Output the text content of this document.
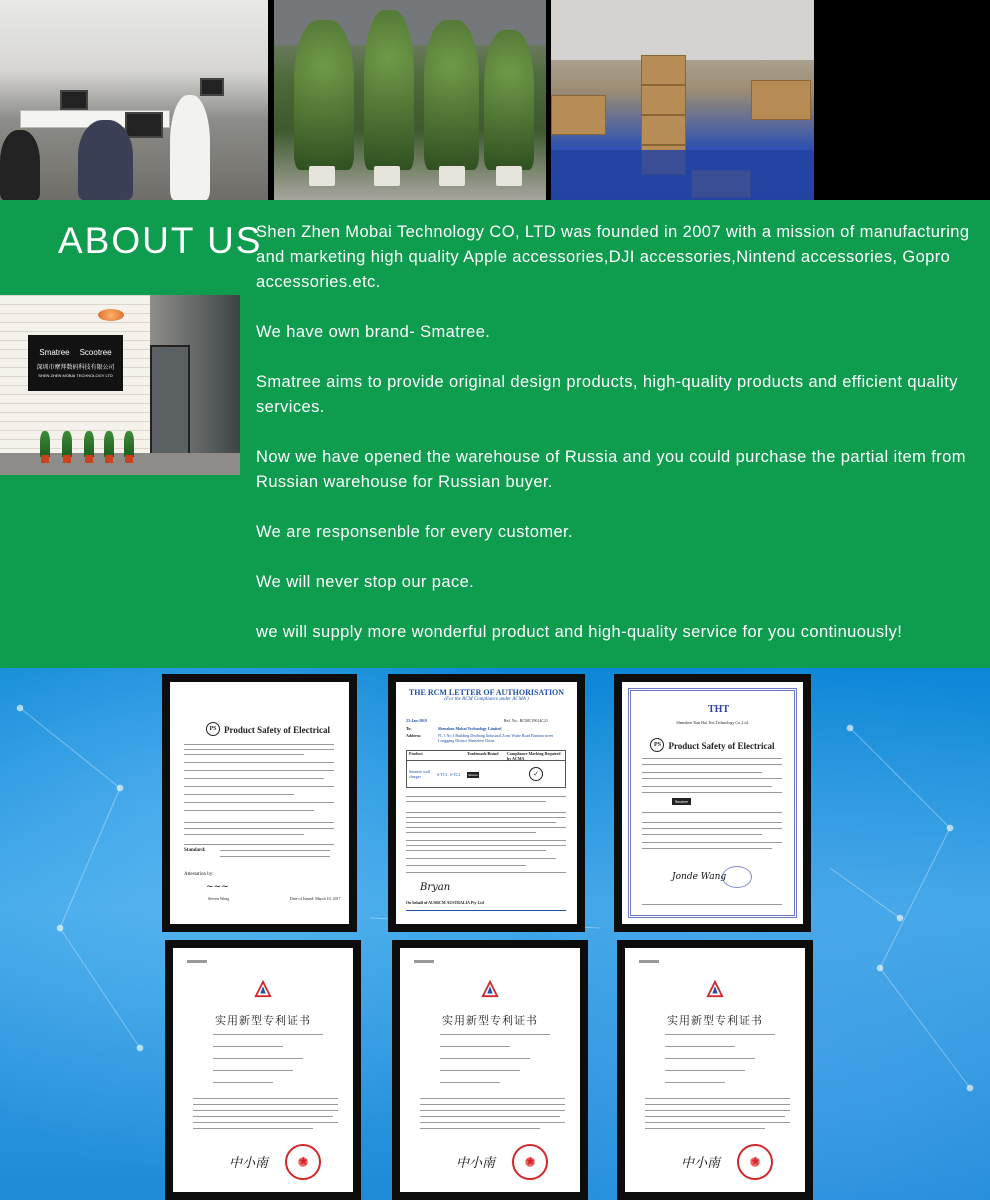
ABOUT US
Smatree Scootree
深圳市摩拜数码科技有限公司
SHEN ZHEN MOBAI TECHNOLOGY LTD

Shen Zhen Mobai Technology CO, LTD was founded in 2007 with a mission of manufacturing and marketing high quality Apple accessories,DJI accessories,Nintend accessories, Gopro accessories.etc.

We have own brand- Smatree.

Smatree aims to provide original design products, high-quality products and efficient quality services.

Now we have opened the warehouse of Russia and you could purchase the partial item from Russian warehouse for Russian buyer.

We are responsenble for every customer.

We will never stop our pace.

we will supply more wonderful product and high-quality service for you continuously!

PS Product Safety of Electrical
Standard:
Attestation by:
~~~
Steven Wong	Date of Issued: March 10, 2017
THE RCM LETTER OF AUTHORISATION
(For the RCM Compliance under ACMA )
23-Jan-2019	Ref. No.: RCMC19014C21
To:	Shenzhen Mobai Technology Limited
Address:	FL 1 No 3 Building Dezhong Industrial Zone Wuhe Road Bantian street Longgang District Shenzhen China
Product	Trademark/Brand	Compliance Marking Required by ACMA
Smatree wall charger	S-TC1, S-TC2	Smatree	✓
Bryan
On behalf of AUSRCM AUSTRALIA Pty Ltd
THT
Shenzhen Tian Hui Test Technology Co.,Ltd.
PS Product Safety of Electrical
Smatree
Jonde Wang
实用新型专利证书
中小南
★
实用新型专利证书
中小南
★
实用新型专利证书
中小南
★
